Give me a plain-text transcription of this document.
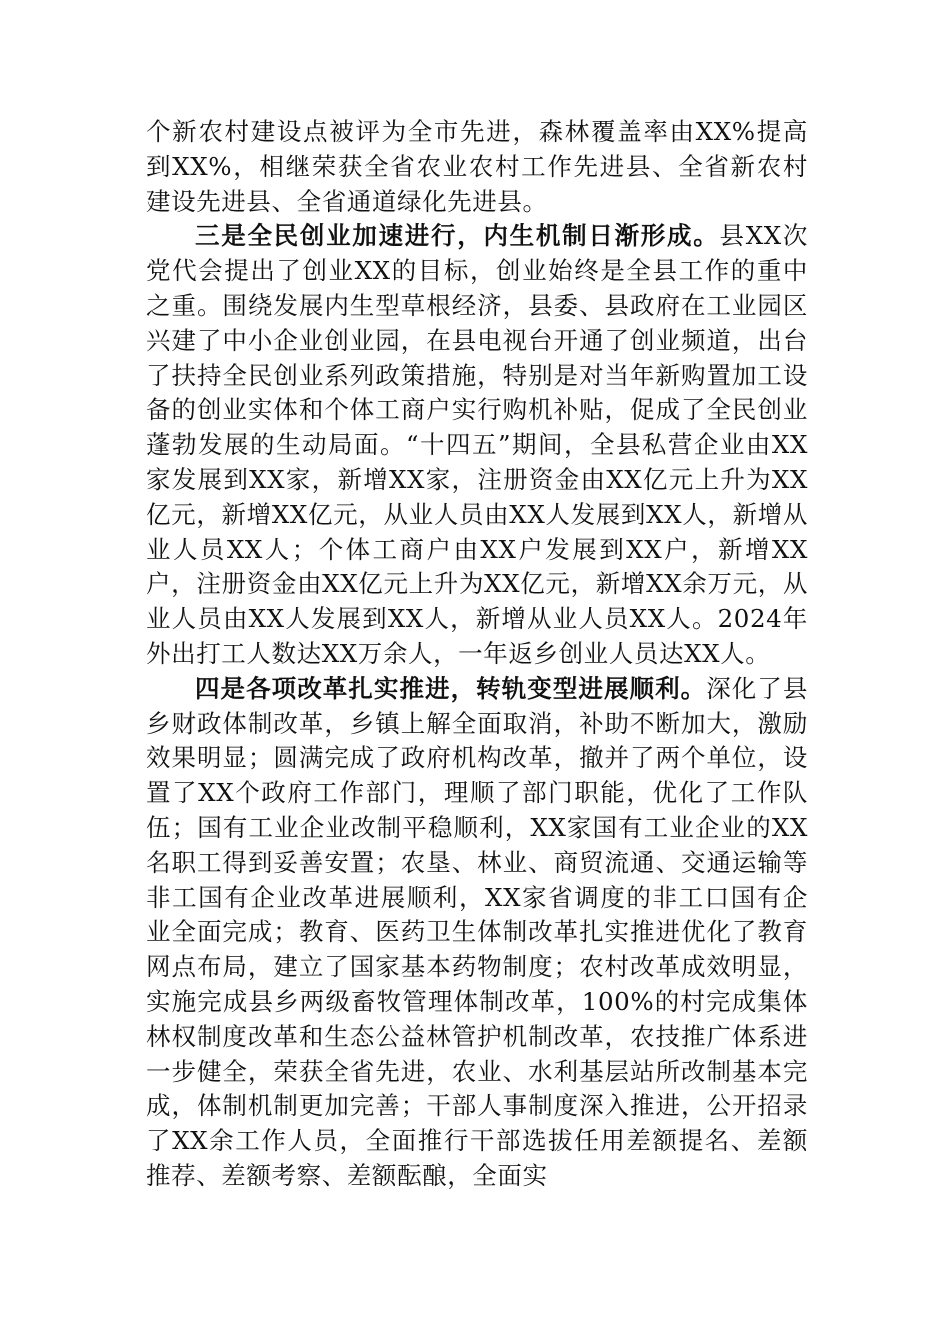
个新农村建设点被评为全市先进，森林覆盖率由XX%提高到XX%，相继荣获全省农业农村工作先进县、全省新农村建设先进县、全省通道绿化先进县。

三是全民创业加速进行，内生机制日渐形成。县XX次党代会提出了创业XX的目标，创业始终是全县工作的重中之重。围绕发展内生型草根经济，县委、县政府在工业园区兴建了中小企业创业园，在县电视台开通了创业频道，出台了扶持全民创业系列政策措施，特别是对当年新购置加工设备的创业实体和个体工商户实行购机补贴，促成了全民创业蓬勃发展的生动局面。“十四五”期间，全县私营企业由XX家发展到XX家，新增XX家，注册资金由XX亿元上升为XX亿元，新增XX亿元，从业人员由XX人发展到XX人，新增从业人员XX人；个体工商户由XX户发展到XX户，新增XX户，注册资金由XX亿元上升为XX亿元，新增XX余万元，从业人员由XX人发展到XX人，新增从业人员XX人。2024年外出打工人数达XX万余人，一年返乡创业人员达XX人。

四是各项改革扎实推进，转轨变型进展顺利。深化了县乡财政体制改革，乡镇上解全面取消，补助不断加大，激励效果明显；圆满完成了政府机构改革，撤并了两个单位，设置了XX个政府工作部门，理顺了部门职能，优化了工作队伍；国有工业企业改制平稳顺利，XX家国有工业企业的XX名职工得到妥善安置；农垦、林业、商贸流通、交通运输等非工国有企业改革进展顺利，XX家省调度的非工口国有企业全面完成；教育、医药卫生体制改革扎实推进优化了教育网点布局，建立了国家基本药物制度；农村改革成效明显，实施完成县乡两级畜牧管理体制改革，100%的村完成集体林权制度改革和生态公益林管护机制改革，农技推广体系进一步健全，荣获全省先进，农业、水利基层站所改制基本完成，体制机制更加完善；干部人事制度深入推进，公开招录了XX余工作人员，全面推行干部选拔任用差额提名、差额推荐、差额考察、差额酝酿，全面实
